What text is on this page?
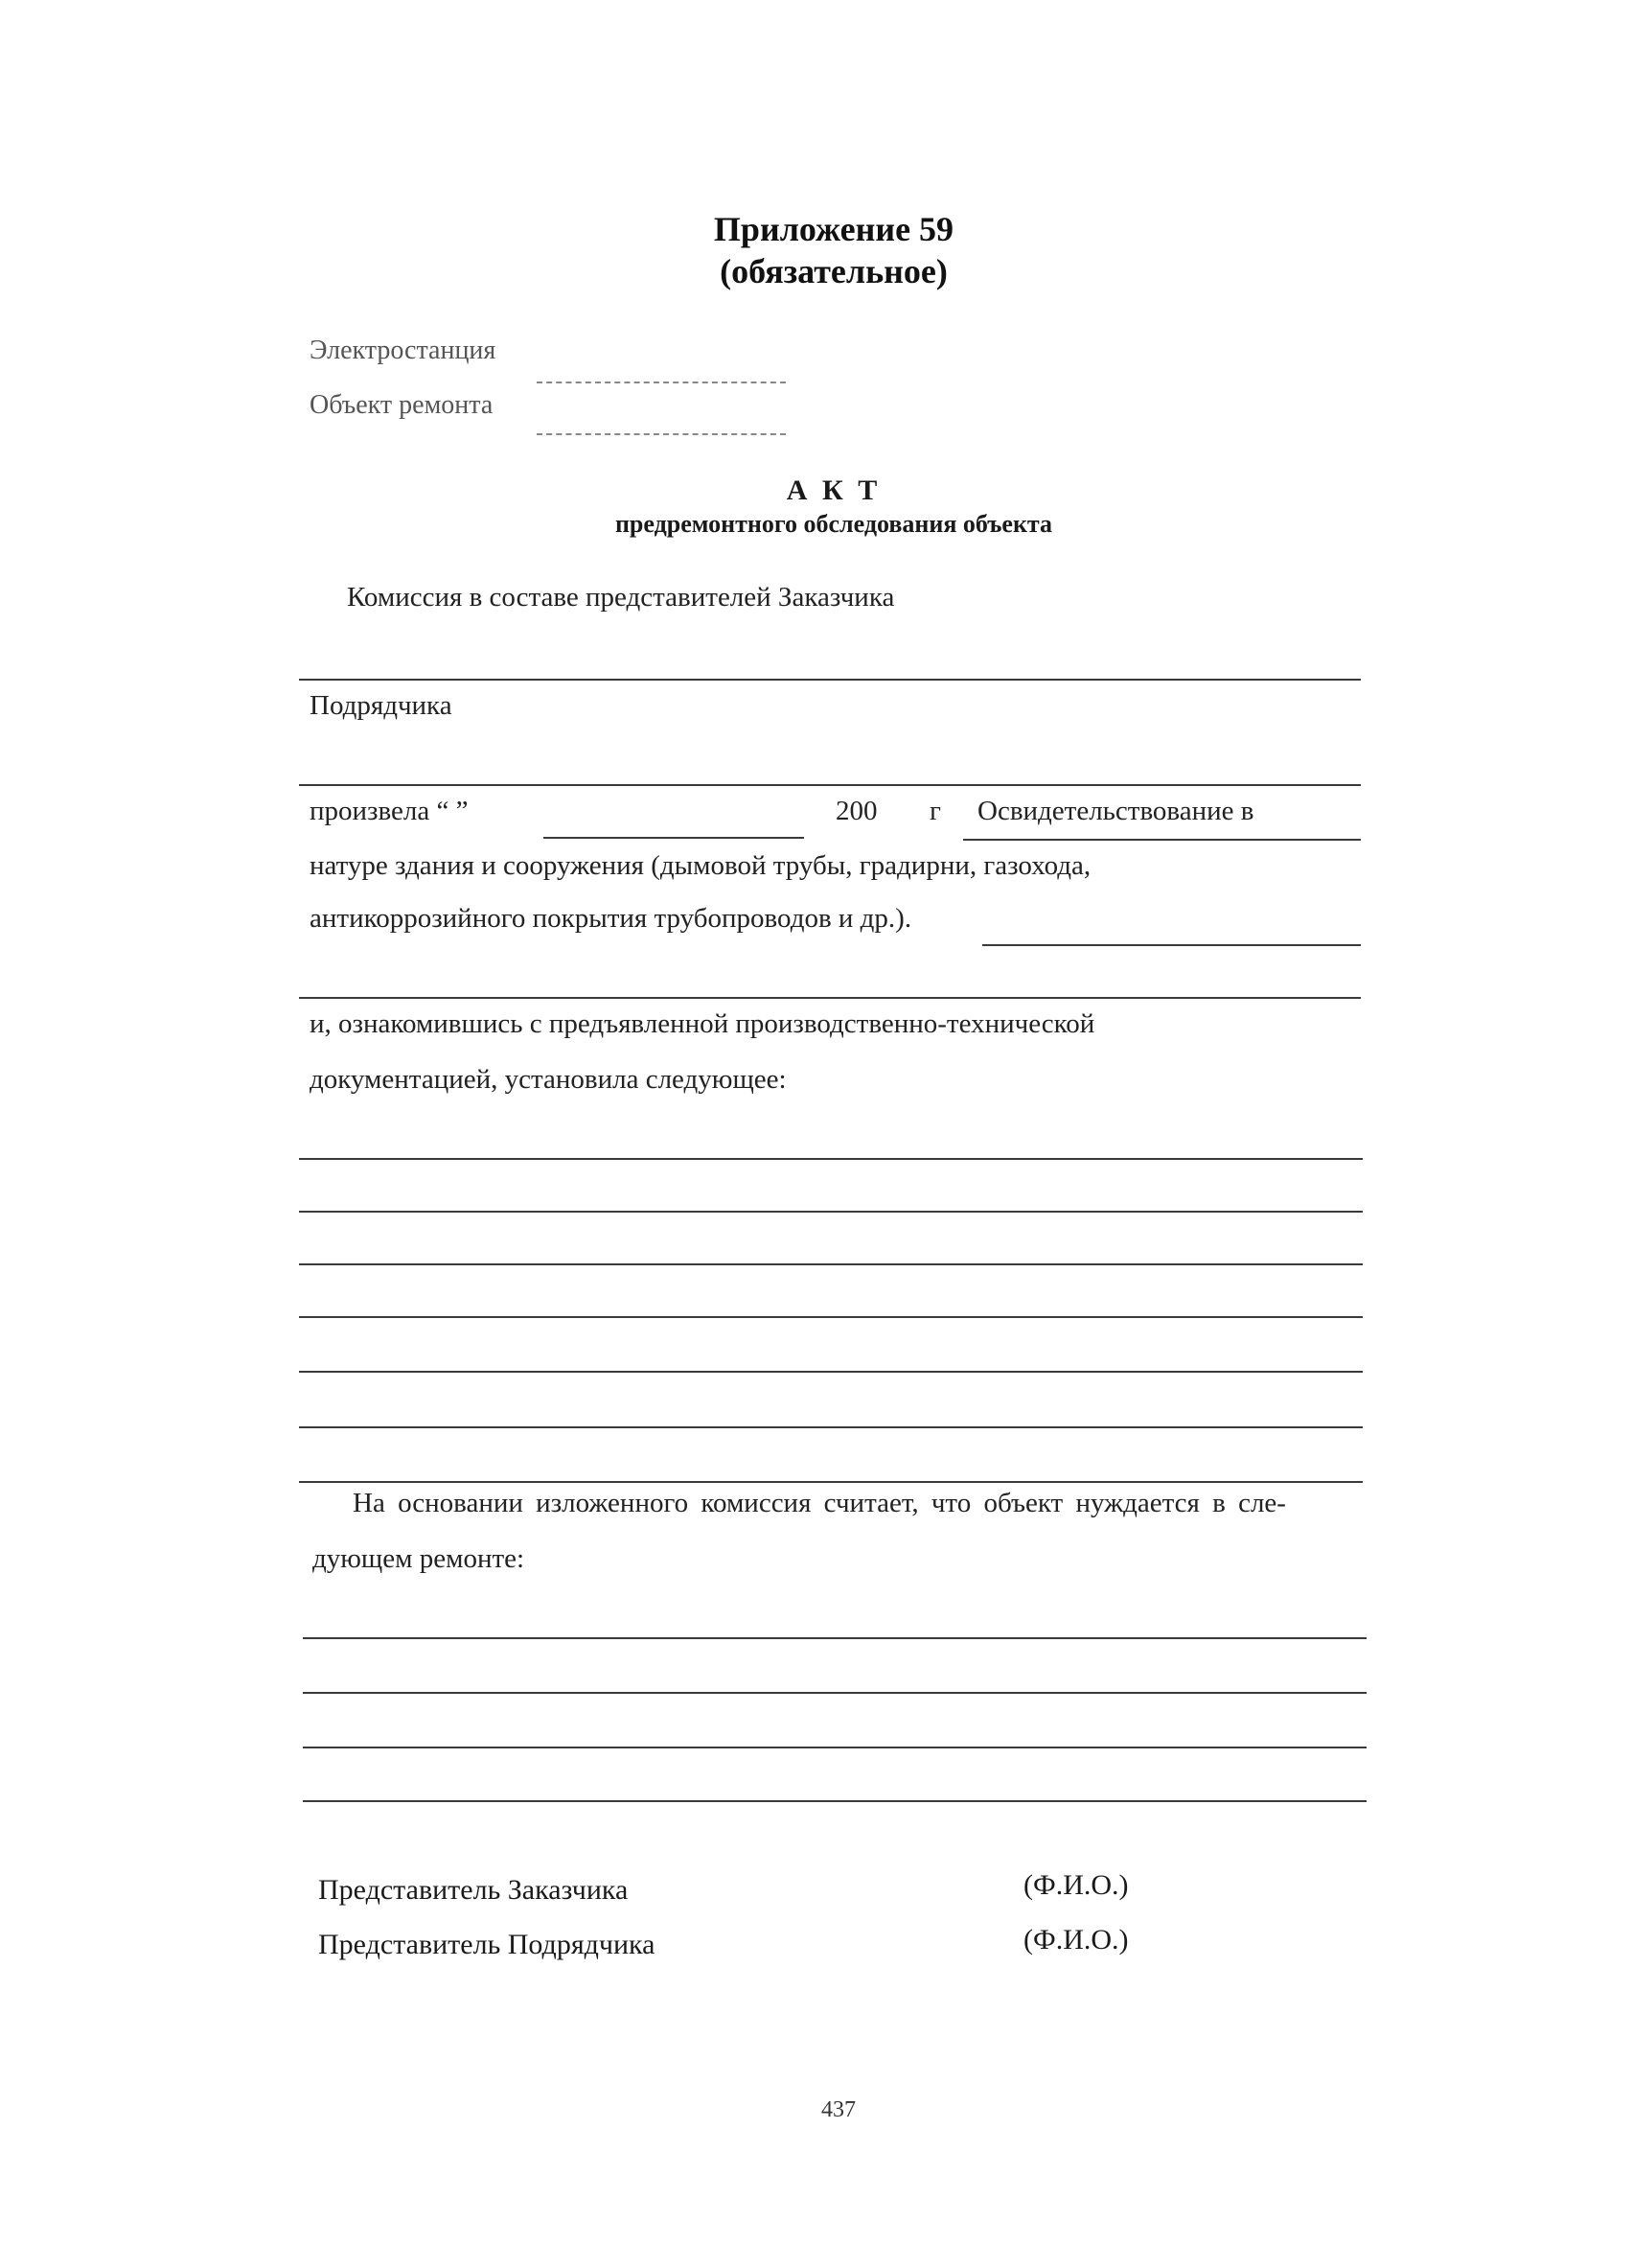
Приложение 59
(обязательное)
Электростанция
Объект ремонта
А К Т
предремонтного обследования объекта
Комиссия в составе представителей Заказчика
Подрядчика
произвела “ ”	200 г Освидетельствование в
натуре здания и сооружения (дымовой трубы, градирни, газохода,
антикоррозийного покрытия трубопроводов и др.).
и, ознакомившись с предъявленной производственно-технической
документацией, установила следующее:
На основании изложенного комиссия считает, что объект нуждается в сле-
дующем ремонте:
Представитель Заказчика	(Ф.И.О.)
Представитель Подрядчика	(Ф.И.О.)
437
